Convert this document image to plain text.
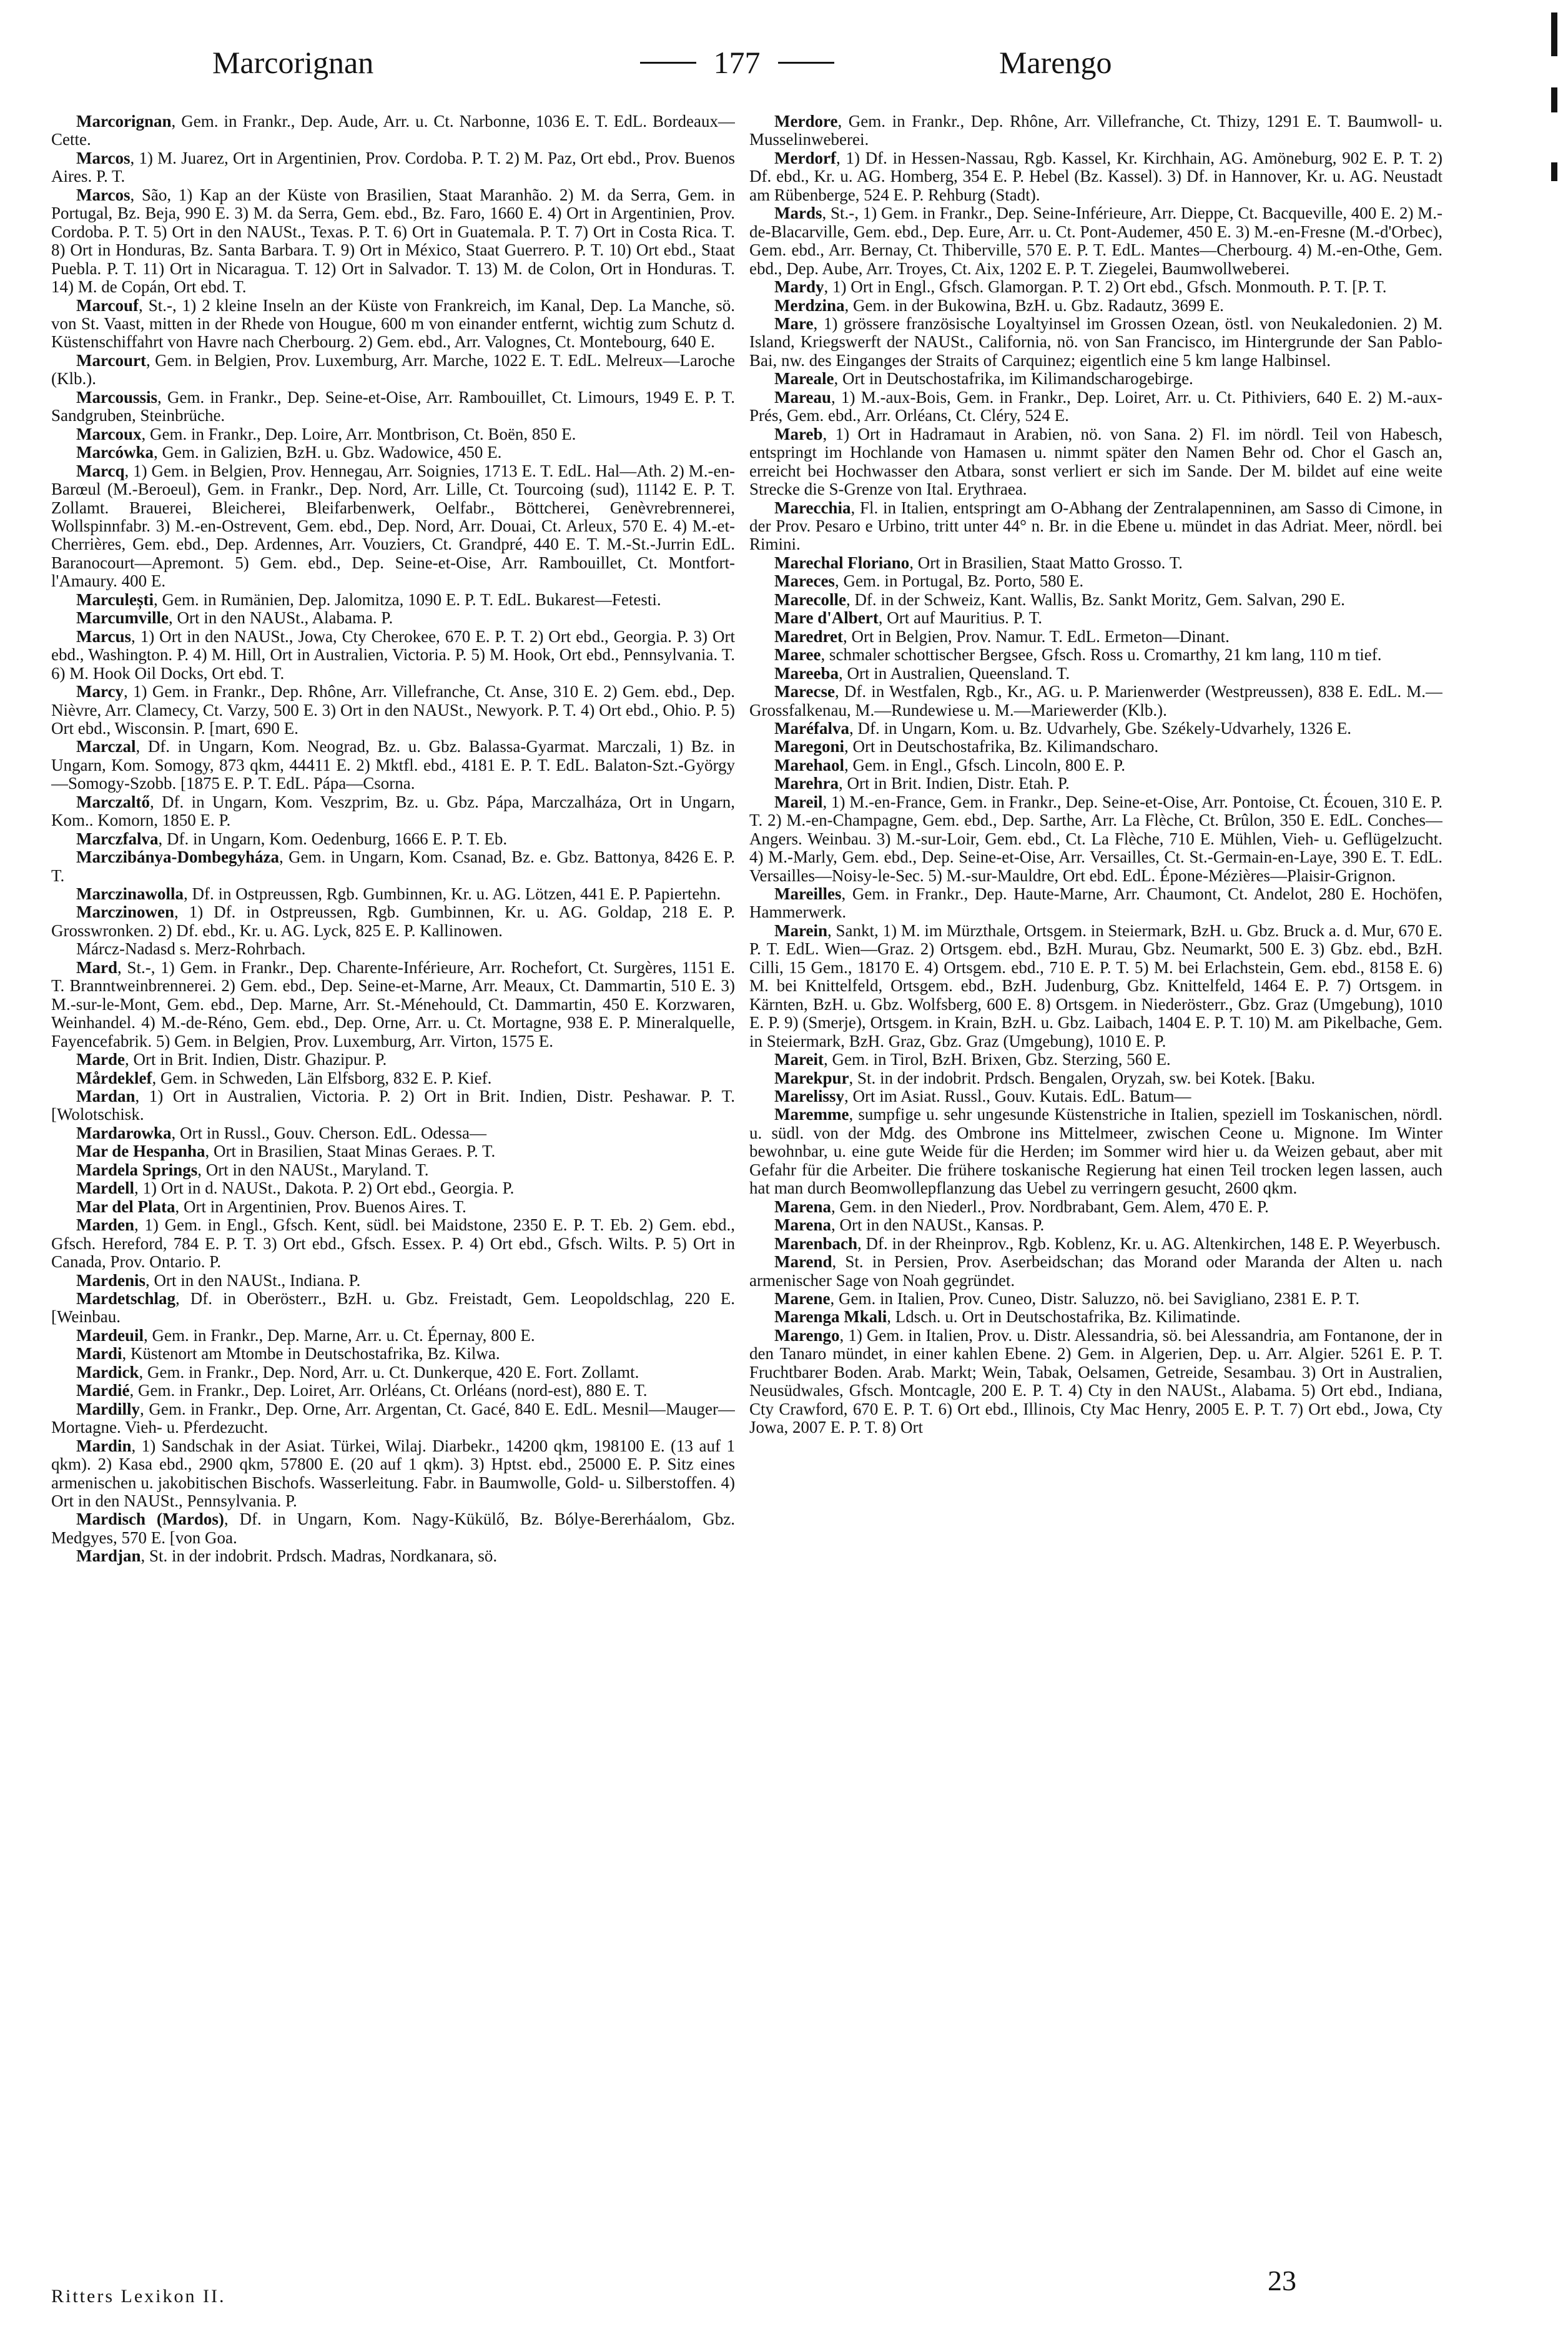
Marcorignan	177	Marengo

Marcorignan, Gem. in Frankr., Dep. Aude, Arr. u. Ct. Narbonne, 1036 E. T. EdL. Bordeaux—Cette.

Marcos, 1) M. Juarez, Ort in Argentinien, Prov. Cordoba. P. T. 2) M. Paz, Ort ebd., Prov. Buenos Aires. P. T.

Marcos, São, 1) Kap an der Küste von Brasilien, Staat Maranhão. 2) M. da Serra, Gem. in Portugal, Bz. Beja, 990 E. 3) M. da Serra, Gem. ebd., Bz. Faro, 1660 E. 4) Ort in Argentinien, Prov. Cordoba. P. T. 5) Ort in den NAUSt., Texas. P. T. 6) Ort in Guatemala. P. T. 7) Ort in Costa Rica. T. 8) Ort in Honduras, Bz. Santa Barbara. T. 9) Ort in México, Staat Guerrero. P. T. 10) Ort ebd., Staat Puebla. P. T. 11) Ort in Nicaragua. T. 12) Ort in Salvador. T. 13) M. de Colon, Ort in Honduras. T. 14) M. de Copán, Ort ebd. T.

Marcouf, St.-, 1) 2 kleine Inseln an der Küste von Frankreich, im Kanal, Dep. La Manche, sö. von St. Vaast, mitten in der Rhede von Hougue, 600 m von einander entfernt, wichtig zum Schutz d. Küstenschiffahrt von Havre nach Cherbourg. 2) Gem. ebd., Arr. Valognes, Ct. Montebourg, 640 E.

Marcourt, Gem. in Belgien, Prov. Luxemburg, Arr. Marche, 1022 E. T. EdL. Melreux—Laroche (Klb.).

Marcoussis, Gem. in Frankr., Dep. Seine-et-Oise, Arr. Rambouillet, Ct. Limours, 1949 E. P. T. Sandgruben, Steinbrüche.

Marcoux, Gem. in Frankr., Dep. Loire, Arr. Montbrison, Ct. Boën, 850 E.

Marcówka, Gem. in Galizien, BzH. u. Gbz. Wadowice, 450 E.

Marcq, 1) Gem. in Belgien, Prov. Hennegau, Arr. Soignies, 1713 E. T. EdL. Hal—Ath. 2) M.-en-Barœul (M.-Beroeul), Gem. in Frankr., Dep. Nord, Arr. Lille, Ct. Tourcoing (sud), 11142 E. P. T. Zollamt. Brauerei, Bleicherei, Bleifarbenwerk, Oelfabr., Böttcherei, Genèvrebrennerei, Wollspinnfabr. 3) M.-en-Ostrevent, Gem. ebd., Dep. Nord, Arr. Douai, Ct. Arleux, 570 E. 4) M.-et-Cherrières, Gem. ebd., Dep. Ardennes, Arr. Vouziers, Ct. Grandpré, 440 E. T. M.-St.-Jurrin EdL. Baranocourt—Apremont. 5) Gem. ebd., Dep. Seine-et-Oise, Arr. Rambouillet, Ct. Montfort-l'Amaury. 400 E.

Marculești, Gem. in Rumänien, Dep. Jalomitza, 1090 E. P. T. EdL. Bukarest—Fetesti.

Marcumville, Ort in den NAUSt., Alabama. P.

Marcus, 1) Ort in den NAUSt., Jowa, Cty Cherokee, 670 E. P. T. 2) Ort ebd., Georgia. P. 3) Ort ebd., Washington. P. 4) M. Hill, Ort in Australien, Victoria. P. 5) M. Hook, Ort ebd., Pennsylvania. T. 6) M. Hook Oil Docks, Ort ebd. T.

Marcy, 1) Gem. in Frankr., Dep. Rhône, Arr. Villefranche, Ct. Anse, 310 E. 2) Gem. ebd., Dep. Nièvre, Arr. Clamecy, Ct. Varzy, 500 E. 3) Ort in den NAUSt., Newyork. P. T. 4) Ort ebd., Ohio. P. 5) Ort ebd., Wisconsin. P. [mart, 690 E.

Marczal, Df. in Ungarn, Kom. Neograd, Bz. u. Gbz. Balassa-Gyarmat. Marczali, 1) Bz. in Ungarn, Kom. Somogy, 873 qkm, 44411 E. 2) Mktfl. ebd., 4181 E. P. T. EdL. Balaton-Szt.-György—Somogy-Szobb. [1875 E. P. T. EdL. Pápa—Csorna.

Marczaltő, Df. in Ungarn, Kom. Veszprim, Bz. u. Gbz. Pápa, Marczalháza, Ort in Ungarn, Kom.. Komorn, 1850 E. P.

Marczfalva, Df. in Ungarn, Kom. Oedenburg, 1666 E. P. T. Eb.

Marczibánya-Dombegyháza, Gem. in Ungarn, Kom. Csanad, Bz. e. Gbz. Battonya, 8426 E. P. T.

Marczinawolla, Df. in Ostpreussen, Rgb. Gumbinnen, Kr. u. AG. Lötzen, 441 E. P. Papiertehn.

Marczinowen, 1) Df. in Ostpreussen, Rgb. Gumbinnen, Kr. u. AG. Goldap, 218 E. P. Grosswronken. 2) Df. ebd., Kr. u. AG. Lyck, 825 E. P. Kallinowen.

Márcz-Nadasd s. Merz-Rohrbach.

Mard, St.-, 1) Gem. in Frankr., Dep. Charente-Inférieure, Arr. Rochefort, Ct. Surgères, 1151 E. T. Branntweinbrennerei. 2) Gem. ebd., Dep. Seine-et-Marne, Arr. Meaux, Ct. Dammartin, 510 E. 3) M.-sur-le-Mont, Gem. ebd., Dep. Marne, Arr. St.-Ménehould, Ct. Dammartin, 450 E. Korzwaren, Weinhandel. 4) M.-de-Réno, Gem. ebd., Dep. Orne, Arr. u. Ct. Mortagne, 938 E. P. Mineralquelle, Fayencefabrik. 5) Gem. in Belgien, Prov. Luxemburg, Arr. Virton, 1575 E.

Marde, Ort in Brit. Indien, Distr. Ghazipur. P.

Mårdeklef, Gem. in Schweden, Län Elfsborg, 832 E. P. Kief.

Mardan, 1) Ort in Australien, Victoria. P. 2) Ort in Brit. Indien, Distr. Peshawar. P. T. [Wolotschisk.

Mardarowka, Ort in Russl., Gouv. Cherson. EdL. Odessa—

Mar de Hespanha, Ort in Brasilien, Staat Minas Geraes. P. T.

Mardela Springs, Ort in den NAUSt., Maryland. T.

Mardell, 1) Ort in d. NAUSt., Dakota. P. 2) Ort ebd., Georgia. P.

Mar del Plata, Ort in Argentinien, Prov. Buenos Aires. T.

Marden, 1) Gem. in Engl., Gfsch. Kent, südl. bei Maidstone, 2350 E. P. T. Eb. 2) Gem. ebd., Gfsch. Hereford, 784 E. P. T. 3) Ort ebd., Gfsch. Essex. P. 4) Ort ebd., Gfsch. Wilts. P. 5) Ort in Canada, Prov. Ontario. P.

Mardenis, Ort in den NAUSt., Indiana. P.

Mardetschlag, Df. in Oberösterr., BzH. u. Gbz. Freistadt, Gem. Leopoldschlag, 220 E. [Weinbau.

Mardeuil, Gem. in Frankr., Dep. Marne, Arr. u. Ct. Épernay, 800 E.

Mardi, Küstenort am Mtombe in Deutschostafrika, Bz. Kilwa.

Mardick, Gem. in Frankr., Dep. Nord, Arr. u. Ct. Dunkerque, 420 E. Fort. Zollamt.

Mardié, Gem. in Frankr., Dep. Loiret, Arr. Orléans, Ct. Orléans (nord-est), 880 E. T.

Mardilly, Gem. in Frankr., Dep. Orne, Arr. Argentan, Ct. Gacé, 840 E. EdL. Mesnil—Mauger—Mortagne. Vieh- u. Pferdezucht.

Mardin, 1) Sandschak in der Asiat. Türkei, Wilaj. Diarbekr., 14200 qkm, 198100 E. (13 auf 1 qkm). 2) Kasa ebd., 2900 qkm, 57800 E. (20 auf 1 qkm). 3) Hptst. ebd., 25000 E. P. Sitz eines armenischen u. jakobitischen Bischofs. Wasserleitung. Fabr. in Baumwolle, Gold- u. Silberstoffen. 4) Ort in den NAUSt., Pennsylvania. P.

Mardisch (Mardos), Df. in Ungarn, Kom. Nagy-Kükülő, Bz. Bólye-Bererháalom, Gbz. Medgyes, 570 E. [von Goa.

Mardjan, St. in der indobrit. Prdsch. Madras, Nordkanara, sö.

Merdore, Gem. in Frankr., Dep. Rhône, Arr. Villefranche, Ct. Thizy, 1291 E. T. Baumwoll- u. Musselinweberei.

Merdorf, 1) Df. in Hessen-Nassau, Rgb. Kassel, Kr. Kirchhain, AG. Amöneburg, 902 E. P. T. 2) Df. ebd., Kr. u. AG. Homberg, 354 E. P. Hebel (Bz. Kassel). 3) Df. in Hannover, Kr. u. AG. Neustadt am Rübenberge, 524 E. P. Rehburg (Stadt).

Mards, St.-, 1) Gem. in Frankr., Dep. Seine-Inférieure, Arr. Dieppe, Ct. Bacqueville, 400 E. 2) M.-de-Blacarville, Gem. ebd., Dep. Eure, Arr. u. Ct. Pont-Audemer, 450 E. 3) M.-en-Fresne (M.-d'Orbec), Gem. ebd., Arr. Bernay, Ct. Thiberville, 570 E. P. T. EdL. Mantes—Cherbourg. 4) M.-en-Othe, Gem. ebd., Dep. Aube, Arr. Troyes, Ct. Aix, 1202 E. P. T. Ziegelei, Baumwollweberei.

Mardy, 1) Ort in Engl., Gfsch. Glamorgan. P. T. 2) Ort ebd., Gfsch. Monmouth. P. T. [P. T.

Merdzina, Gem. in der Bukowina, BzH. u. Gbz. Radautz, 3699 E.

Mare, 1) grössere französische Loyaltyinsel im Grossen Ozean, östl. von Neukaledonien. 2) M. Island, Kriegswerft der NAUSt., California, nö. von San Francisco, im Hintergrunde der San Pablo-Bai, nw. des Einganges der Straits of Carquinez; eigentlich eine 5 km lange Halbinsel.

Mareale, Ort in Deutschostafrika, im Kilimandscharogebirge.

Mareau, 1) M.-aux-Bois, Gem. in Frankr., Dep. Loiret, Arr. u. Ct. Pithiviers, 640 E. 2) M.-aux-Prés, Gem. ebd., Arr. Orléans, Ct. Cléry, 524 E.

Mareb, 1) Ort in Hadramaut in Arabien, nö. von Sana. 2) Fl. im nördl. Teil von Habesch, entspringt im Hochlande von Hamasen u. nimmt später den Namen Behr od. Chor el Gasch an, erreicht bei Hochwasser den Atbara, sonst verliert er sich im Sande. Der M. bildet auf eine weite Strecke die S-Grenze von Ital. Erythraea.

Marecchia, Fl. in Italien, entspringt am O-Abhang der Zentralapenninen, am Sasso di Cimone, in der Prov. Pesaro e Urbino, tritt unter 44° n. Br. in die Ebene u. mündet in das Adriat. Meer, nördl. bei Rimini.

Marechal Floriano, Ort in Brasilien, Staat Matto Grosso. T.

Mareces, Gem. in Portugal, Bz. Porto, 580 E.

Marecolle, Df. in der Schweiz, Kant. Wallis, Bz. Sankt Moritz, Gem. Salvan, 290 E.

Mare d'Albert, Ort auf Mauritius. P. T.

Maredret, Ort in Belgien, Prov. Namur. T. EdL. Ermeton—Dinant.

Maree, schmaler schottischer Bergsee, Gfsch. Ross u. Cromarthy, 21 km lang, 110 m tief.

Mareeba, Ort in Australien, Queensland. T.

Marecse, Df. in Westfalen, Rgb., Kr., AG. u. P. Marienwerder (Westpreussen), 838 E. EdL. M.—Grossfalkenau, M.—Rundewiese u. M.—Mariewerder (Klb.).

Maréfalva, Df. in Ungarn, Kom. u. Bz. Udvarhely, Gbe. Székely-Udvarhely, 1326 E.

Maregoni, Ort in Deutschostafrika, Bz. Kilimandscharo.

Marehaol, Gem. in Engl., Gfsch. Lincoln, 800 E. P.

Marehra, Ort in Brit. Indien, Distr. Etah. P.

Mareil, 1) M.-en-France, Gem. in Frankr., Dep. Seine-et-Oise, Arr. Pontoise, Ct. Écouen, 310 E. P. T. 2) M.-en-Champagne, Gem. ebd., Dep. Sarthe, Arr. La Flèche, Ct. Brûlon, 350 E. EdL. Conches—Angers. Weinbau. 3) M.-sur-Loir, Gem. ebd., Ct. La Flèche, 710 E. Mühlen, Vieh- u. Geflügelzucht. 4) M.-Marly, Gem. ebd., Dep. Seine-et-Oise, Arr. Versailles, Ct. St.-Germain-en-Laye, 390 E. T. EdL. Versailles—Noisy-le-Sec. 5) M.-sur-Mauldre, Ort ebd. EdL. Épone-Mézières—Plaisir-Grignon.

Mareilles, Gem. in Frankr., Dep. Haute-Marne, Arr. Chaumont, Ct. Andelot, 280 E. Hochöfen, Hammerwerk.

Marein, Sankt, 1) M. im Mürzthale, Ortsgem. in Steiermark, BzH. u. Gbz. Bruck a. d. Mur, 670 E. P. T. EdL. Wien—Graz. 2) Ortsgem. ebd., BzH. Murau, Gbz. Neumarkt, 500 E. 3) Gbz. ebd., BzH. Cilli, 15 Gem., 18170 E. 4) Ortsgem. ebd., 710 E. P. T. 5) M. bei Erlachstein, Gem. ebd., 8158 E. 6) M. bei Knittelfeld, Ortsgem. ebd., BzH. Judenburg, Gbz. Knittelfeld, 1464 E. P. 7) Ortsgem. in Kärnten, BzH. u. Gbz. Wolfsberg, 600 E. 8) Ortsgem. in Niederösterr., Gbz. Graz (Umgebung), 1010 E. P. 9) (Smerje), Ortsgem. in Krain, BzH. u. Gbz. Laibach, 1404 E. P. T. 10) M. am Pikelbache, Gem. in Steiermark, BzH. Graz, Gbz. Graz (Umgebung), 1010 E. P.

Mareit, Gem. in Tirol, BzH. Brixen, Gbz. Sterzing, 560 E.

Marekpur, St. in der indobrit. Prdsch. Bengalen, Oryzah, sw. bei Kotek. [Baku.

Marelissy, Ort im Asiat. Russl., Gouv. Kutais. EdL. Batum—

Maremme, sumpfige u. sehr ungesunde Küstenstriche in Italien, speziell im Toskanischen, nördl. u. südl. von der Mdg. des Ombrone ins Mittelmeer, zwischen Ceone u. Mignone. Im Winter bewohnbar, u. eine gute Weide für die Herden; im Sommer wird hier u. da Weizen gebaut, aber mit Gefahr für die Arbeiter. Die frühere toskanische Regierung hat einen Teil trocken legen lassen, auch hat man durch Beomwollepflanzung das Uebel zu verringern gesucht, 2600 qkm.

Marena, Gem. in den Niederl., Prov. Nordbrabant, Gem. Alem, 470 E. P.

Marena, Ort in den NAUSt., Kansas. P.

Marenbach, Df. in der Rheinprov., Rgb. Koblenz, Kr. u. AG. Altenkirchen, 148 E. P. Weyerbusch.

Marend, St. in Persien, Prov. Aserbeidschan; das Morand oder Maranda der Alten u. nach armenischer Sage von Noah gegründet.

Marene, Gem. in Italien, Prov. Cuneo, Distr. Saluzzo, nö. bei Savigliano, 2381 E. P. T.

Marenga Mkali, Ldsch. u. Ort in Deutschostafrika, Bz. Kilimatinde.

Marengo, 1) Gem. in Italien, Prov. u. Distr. Alessandria, sö. bei Alessandria, am Fontanone, der in den Tanaro mündet, in einer kahlen Ebene. 2) Gem. in Algerien, Dep. u. Arr. Algier. 5261 E. P. T. Fruchtbarer Boden. Arab. Markt; Wein, Tabak, Oelsamen, Getreide, Sesambau. 3) Ort in Australien, Neusüdwales, Gfsch. Montcagle, 200 E. P. T. 4) Cty in den NAUSt., Alabama. 5) Ort ebd., Indiana, Cty Crawford, 670 E. P. T. 6) Ort ebd., Illinois, Cty Mac Henry, 2005 E. P. T. 7) Ort ebd., Jowa, Cty Jowa, 2007 E. P. T. 8) Ort

Ritters Lexikon II.	23
